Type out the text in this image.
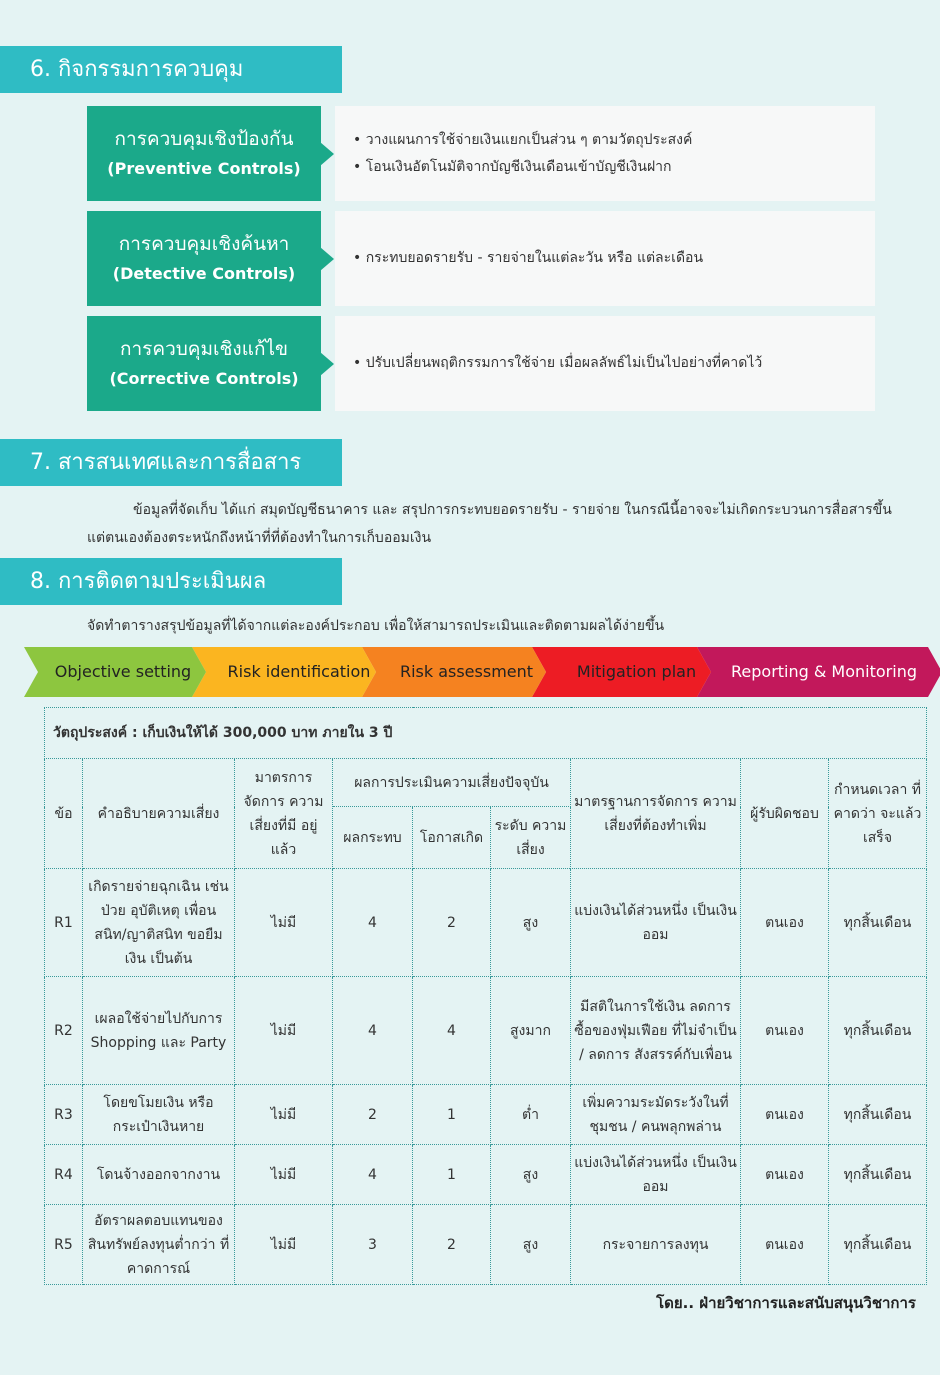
6. กิจกรรมการควบคุม
การควบคุมเชิงป้องกัน
(Preventive Controls)
• วางแผนการใช้จ่ายเงินแยกเป็นส่วน ๆ ตามวัตถุประสงค์
• โอนเงินอัตโนมัติจากบัญชีเงินเดือนเข้าบัญชีเงินฝาก
การควบคุมเชิงค้นหา
(Detective Controls)
• กระทบยอดรายรับ - รายจ่ายในแต่ละวัน หรือ แต่ละเดือน
การควบคุมเชิงแก้ไข
(Corrective Controls)
• ปรับเปลี่ยนพฤติกรรมการใช้จ่าย เมื่อผลลัพธ์ไม่เป็นไปอย่างที่คาดไว้
7. สารสนเทศและการสื่อสาร
ข้อมูลที่จัดเก็บ ได้แก่ สมุดบัญชีธนาคาร และ สรุปการกระทบยอดรายรับ - รายจ่าย ในกรณีนี้อาจจะไม่เกิดกระบวนการสื่อสารขึ้น
แต่ตนเองต้องตระหนักถึงหน้าที่ที่ต้องทำในการเก็บออมเงิน
8. การติดตามประเมินผล
จัดทำตารางสรุปข้อมูลที่ได้จากแต่ละองค์ประกอบ เพื่อให้สามารถประเมินและติดตามผลได้ง่ายขึ้น
Objective setting	Risk identification	Risk assessment	Mitigation plan	Reporting & Monitoring
วัตถุประสงค์ : เก็บเงินให้ได้ 300,000 บาท ภายใน 3 ปี								
ข้อ	คำอธิบายความเสี่ยง	มาตรการ จัดการ ความเสี่ยงที่มี อยู่แล้ว	ผลการประเมินความเสี่ยงปัจจุบัน			มาตรฐานการจัดการ ความเสี่ยงที่ต้องทำเพิ่ม	ผู้รับผิดชอบ	กำหนดเวลา ที่คาดว่า จะแล้วเสร็จ
			ผลกระทบ	โอกาสเกิด	ระดับ ความเสี่ยง			
R1	เกิดรายจ่ายฉุกเฉิน เช่น ป่วย อุบัติเหตุ เพื่อนสนิท/ญาติสนิท ขอยืมเงิน เป็นต้น	ไม่มี	4	2	สูง	แบ่งเงินได้ส่วนหนึ่ง เป็นเงินออม	ตนเอง	ทุกสิ้นเดือน
R2	เผลอใช้จ่ายไปกับการ Shopping และ Party	ไม่มี	4	4	สูงมาก	มีสติในการใช้เงิน ลดการซื้อของฟุ่มเฟือย ที่ไม่จำเป็น / ลดการ สังสรรค์กับเพื่อน	ตนเอง	ทุกสิ้นเดือน
R3	โดยขโมยเงิน หรือ กระเป๋าเงินหาย	ไม่มี	2	1	ต่ำ	เพิ่มความระมัดระวังในที่ ชุมชน / คนพลุกพล่าน	ตนเอง	ทุกสิ้นเดือน
R4	โดนจ้างออกจากงาน	ไม่มี	4	1	สูง	แบ่งเงินได้ส่วนหนึ่ง เป็นเงินออม	ตนเอง	ทุกสิ้นเดือน
R5	อัตราผลตอบแทนของ สินทรัพย์ลงทุนต่ำกว่า ที่คาดการณ์	ไม่มี	3	2	สูง	กระจายการลงทุน	ตนเอง	ทุกสิ้นเดือน
โดย.. ฝ่ายวิชาการและสนับสนุนวิชาการ
